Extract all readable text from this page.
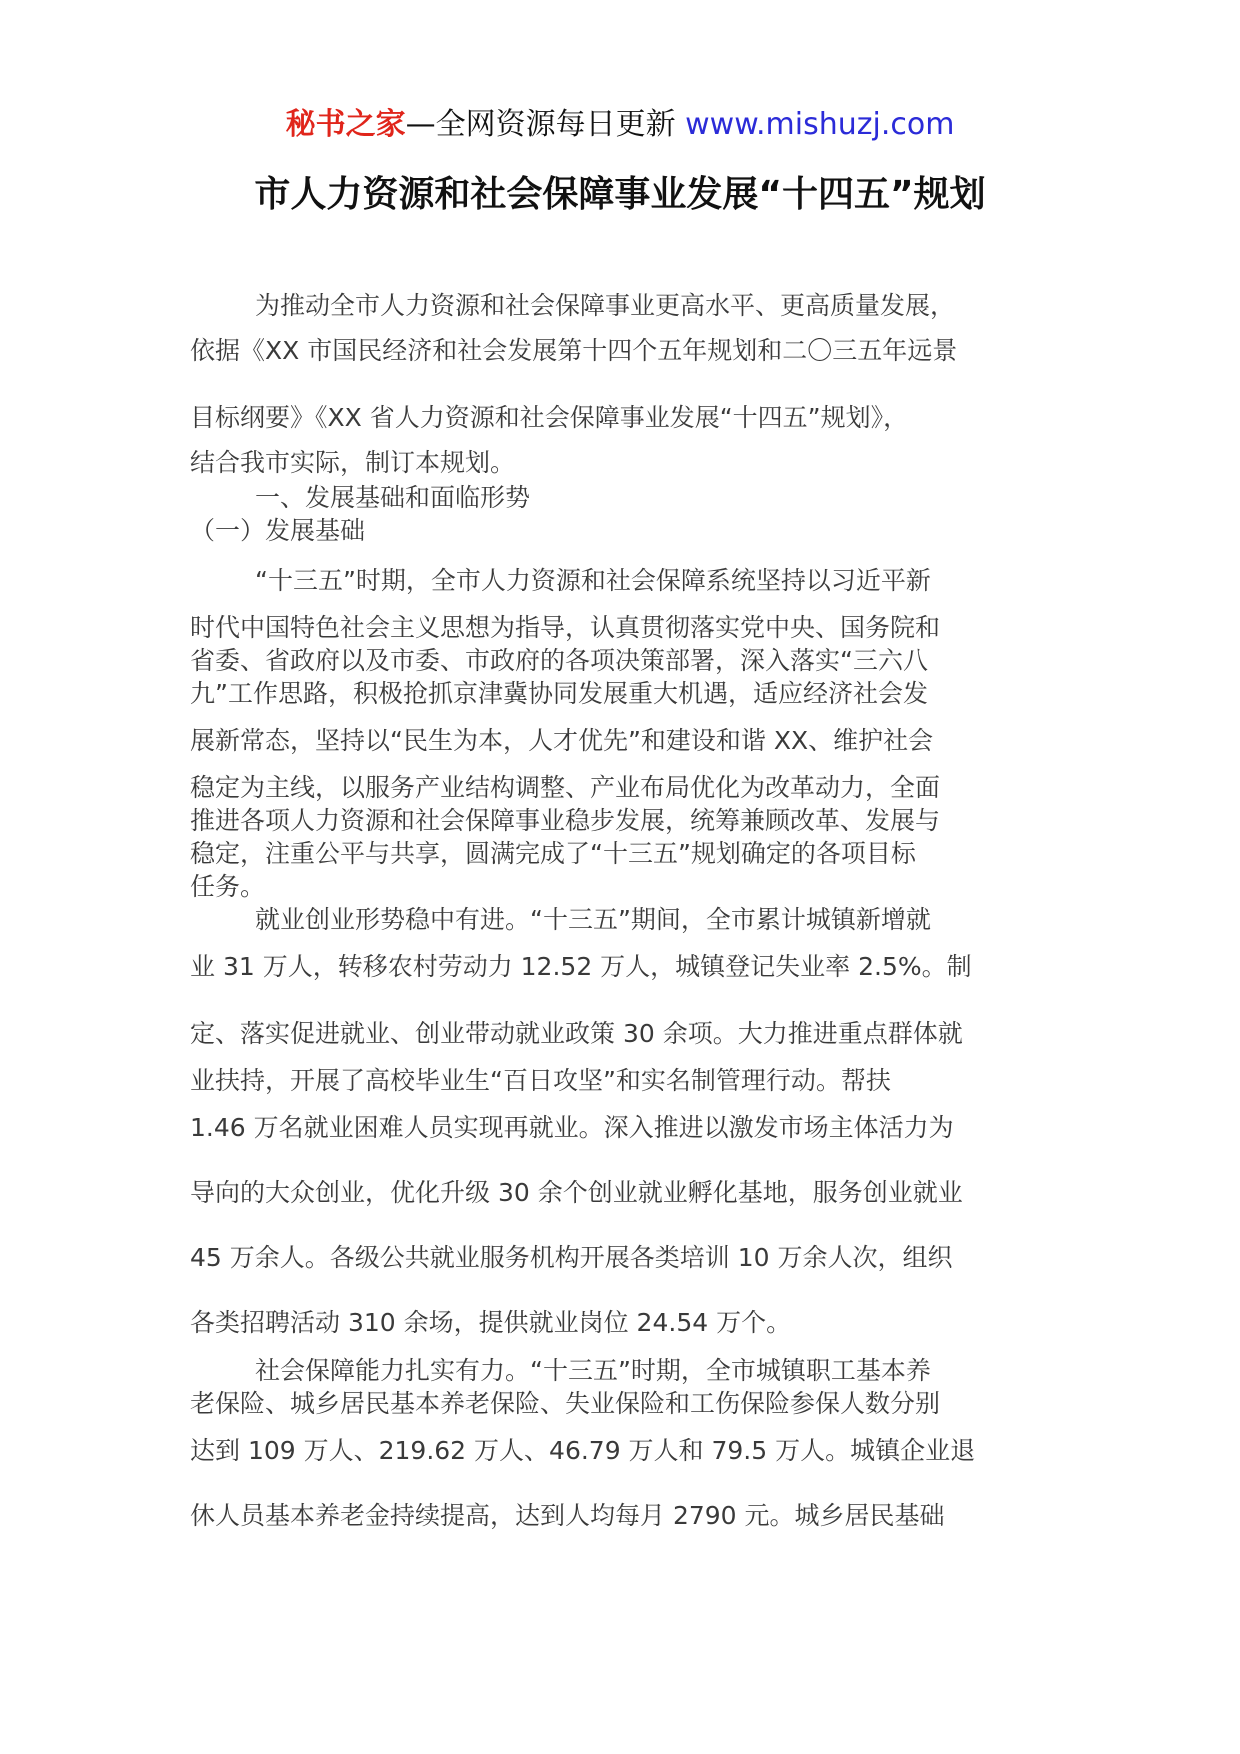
秘书之家—全网资源每日更新 www.mishuzj.com
市人力资源和社会保障事业发展“十四五”规划
为推动全市人力资源和社会保障事业更高水平、更高质量发展，
依据《XX 市国民经济和社会发展第十四个五年规划和二〇三五年远景
目标纲要》《XX 省人力资源和社会保障事业发展“十四五”规划》，
结合我市实际，制订本规划。
一、发展基础和面临形势
（一）发展基础
“十三五”时期，全市人力资源和社会保障系统坚持以习近平新
时代中国特色社会主义思想为指导，认真贯彻落实党中央、国务院和
省委、省政府以及市委、市政府的各项决策部署，深入落实“三六八
九”工作思路，积极抢抓京津冀协同发展重大机遇，适应经济社会发
展新常态，坚持以“民生为本，人才优先”和建设和谐 XX、维护社会
稳定为主线，以服务产业结构调整、产业布局优化为改革动力，全面
推进各项人力资源和社会保障事业稳步发展，统筹兼顾改革、发展与
稳定，注重公平与共享，圆满完成了“十三五”规划确定的各项目标
任务。
就业创业形势稳中有进。“十三五”期间，全市累计城镇新增就
业 31 万人，转移农村劳动力 12.52 万人，城镇登记失业率 2.5%。制
定、落实促进就业、创业带动就业政策 30 余项。大力推进重点群体就
业扶持，开展了高校毕业生“百日攻坚”和实名制管理行动。帮扶
1.46 万名就业困难人员实现再就业。深入推进以激发市场主体活力为
导向的大众创业，优化升级 30 余个创业就业孵化基地，服务创业就业
45 万余人。各级公共就业服务机构开展各类培训 10 万余人次，组织
各类招聘活动 310 余场，提供就业岗位 24.54 万个。
社会保障能力扎实有力。“十三五”时期，全市城镇职工基本养
老保险、城乡居民基本养老保险、失业保险和工伤保险参保人数分别
达到 109 万人、219.62 万人、46.79 万人和 79.5 万人。城镇企业退
休人员基本养老金持续提高，达到人均每月 2790 元。城乡居民基础
